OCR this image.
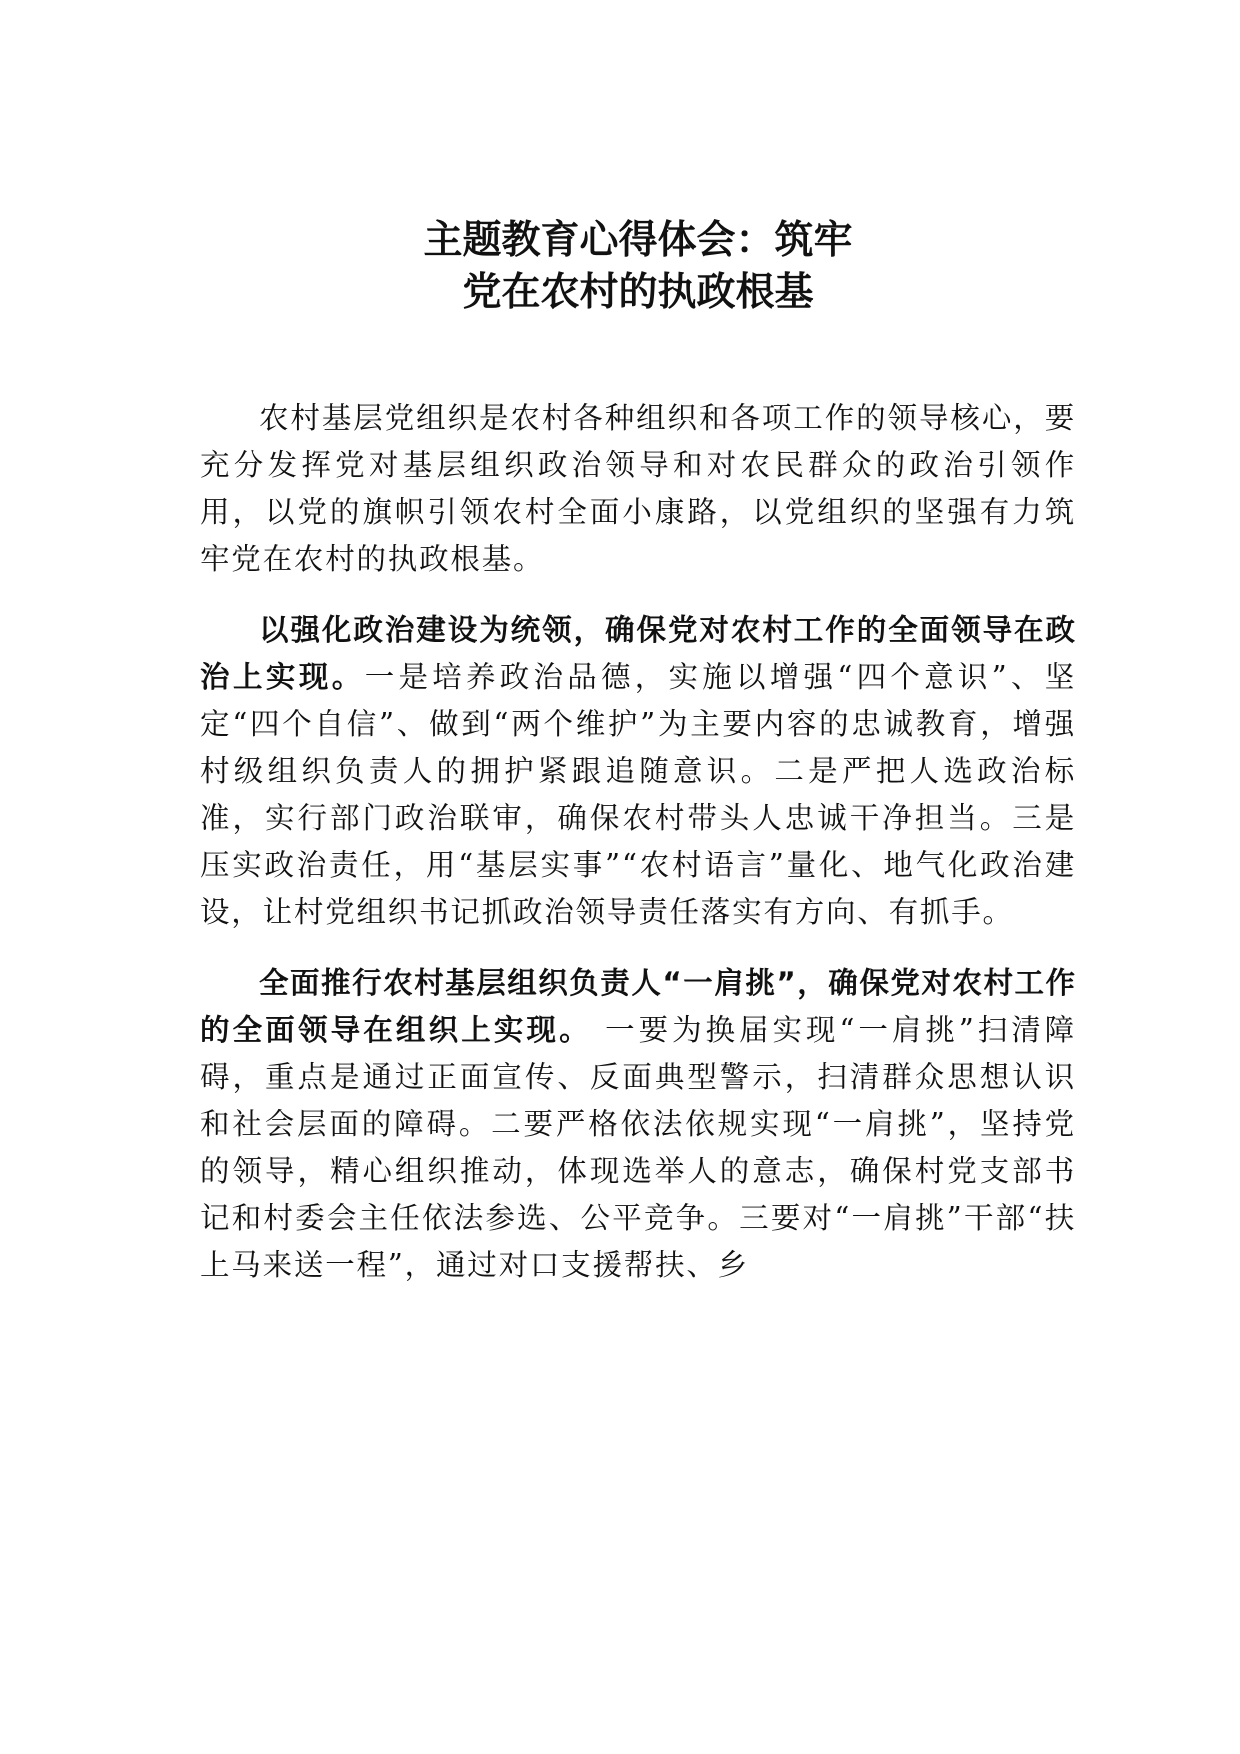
主题教育心得体会：筑牢
党在农村的执政根基

农村基层党组织是农村各种组织和各项工作的领导核心，要充分发挥党对基层组织政治领导和对农民群众的政治引领作用，以党的旗帜引领农村全面小康路，以党组织的坚强有力筑牢党在农村的执政根基。

以强化政治建设为统领，确保党对农村工作的全面领导在政治上实现。一是培养政治品德，实施以增强“四个意识”、坚定“四个自信”、做到“两个维护”为主要内容的忠诚教育，增强村级组织负责人的拥护紧跟追随意识。二是严把人选政治标准，实行部门政治联审，确保农村带头人忠诚干净担当。三是压实政治责任，用“基层实事”“农村语言”量化、地气化政治建设，让村党组织书记抓政治领导责任落实有方向、有抓手。

全面推行农村基层组织负责人“一肩挑”，确保党对农村工作的全面领导在组织上实现。 一要为换届实现“一肩挑”扫清障碍，重点是通过正面宣传、反面典型警示，扫清群众思想认识和社会层面的障碍。二要严格依法依规实现“一肩挑”，坚持党的领导，精心组织推动，体现选举人的意志，确保村党支部书记和村委会主任依法参选、公平竞争。三要对“一肩挑”干部“扶上马来送一程”，通过对口支援帮扶、乡
